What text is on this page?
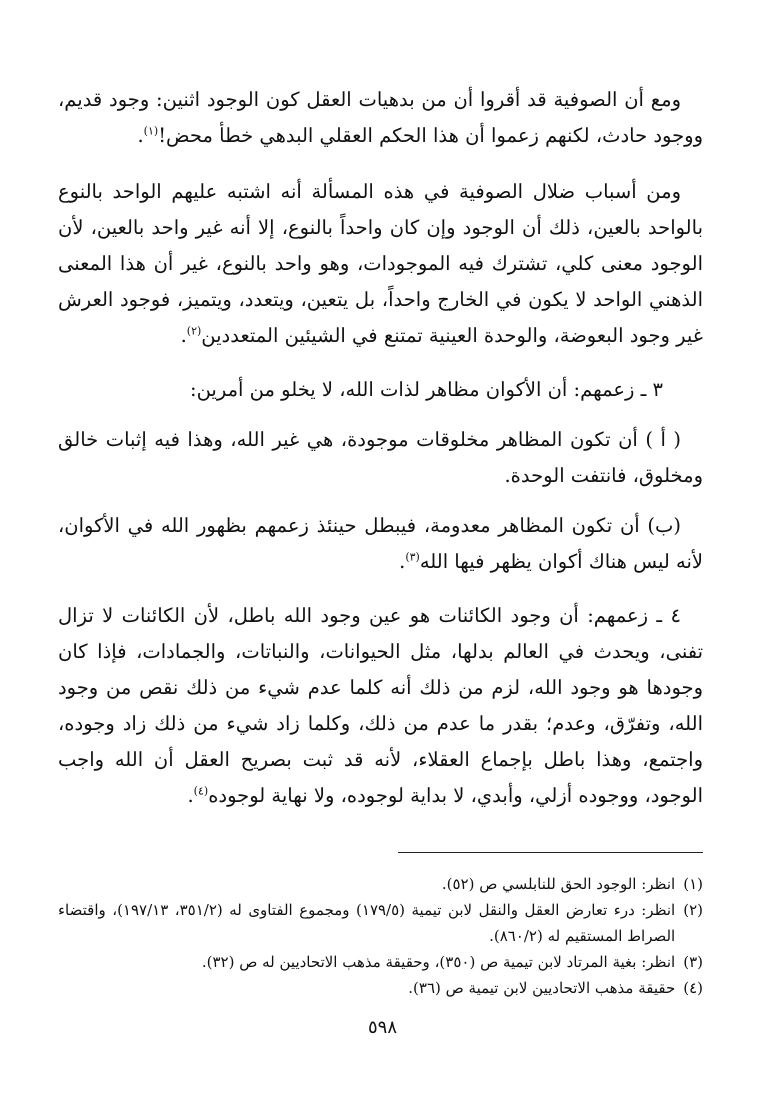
ومع أن الصوفية قد أقروا أن من بدهيات العقل كون الوجود اثنين: وجود قديم، ووجود حادث، لكنهم زعموا أن هذا الحكم العقلي البدهي خطأ محض!$^{(١)}$.

ومن أسباب ضلال الصوفية في هذه المسألة أنه اشتبه عليهم الواحد بالنوع بالواحد بالعين، ذلك أن الوجود وإن كان واحداً بالنوع، إلا أنه غير واحد بالعين، لأن الوجود معنى كلي، تشترك فيه الموجودات، وهو واحد بالنوع، غير أن هذا المعنى الذهني الواحد لا يكون في الخارج واحداً، بل يتعين، ويتعدد، ويتميز، فوجود العرش غير وجود البعوضة، والوحدة العينية تمتنع في الشيئين المتعددين$^{(٢)}$.

٣ ـ زعمهم: أن الأكوان مظاهر لذات الله، لا يخلو من أمرين:

( أ ) أن تكون المظاهر مخلوقات موجودة، هي غير الله، وهذا فيه إثبات خالق ومخلوق، فانتفت الوحدة.

(ب) أن تكون المظاهر معدومة، فيبطل حينئذ زعمهم بظهور الله في الأكوان، لأنه ليس هناك أكوان يظهر فيها الله$^{(٣)}$.

٤ ـ زعمهم: أن وجود الكائنات هو عين وجود الله باطل، لأن الكائنات لا تزال تفنى، ويحدث في العالم بدلها، مثل الحيوانات، والنباتات، والجمادات، فإذا كان وجودها هو وجود الله، لزم من ذلك أنه كلما عدم شيء من ذلك نقص من وجود الله، وتفرّق، وعدم؛ بقدر ما عدم من ذلك، وكلما زاد شيء من ذلك زاد وجوده، واجتمع، وهذا باطل بإجماع العقلاء، لأنه قد ثبت بصريح العقل أن الله واجب الوجود، ووجوده أزلي، وأبدي، لا بداية لوجوده، ولا نهاية لوجوده$^{(٤)}$.

(١)
انظر: الوجود الحق للنابلسي ص (٥٢).
(٢)
انظر: درء تعارض العقل والنقل لابن تيمية (١٧٩/٥) ومجموع الفتاوى له (٣٥١/٢، ١٩٧/١٣)، واقتضاء الصراط المستقيم له (٨٦٠/٢).
(٣)
انظر: بغية المرتاد لابن تيمية ص (٣٥٠)، وحقيقة مذهب الاتحاديين له ص (٣٢).
(٤)
حقيقة مذهب الاتحاديين لابن تيمية ص (٣٦).
٥٩٨
